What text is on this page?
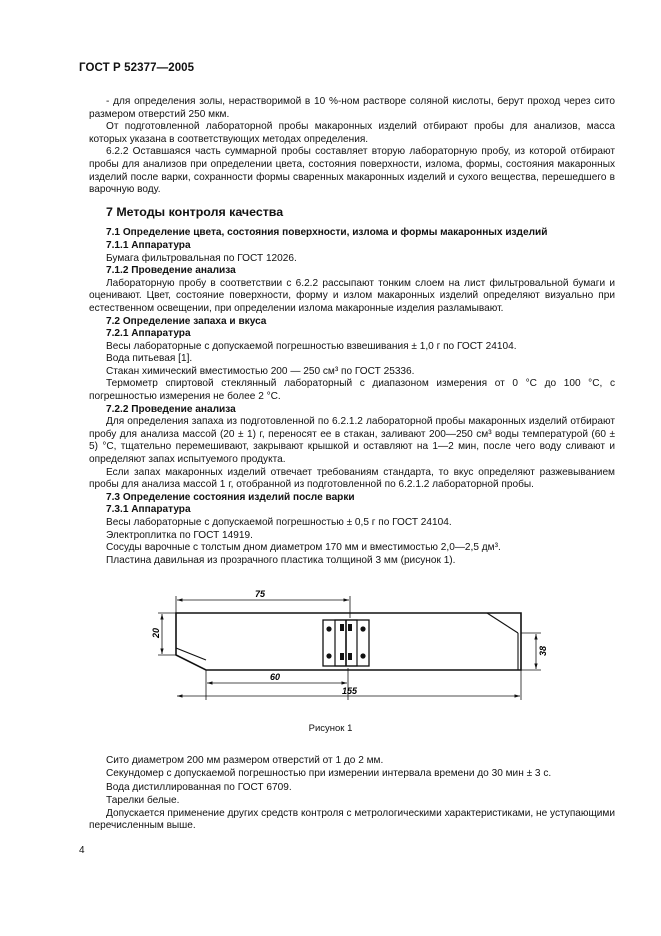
ГОСТ Р 52377—2005

- для определения золы, нерастворимой в 10 %-ном растворе соляной кислоты, берут проход через сито размером отверстий 250 мкм.

От подготовленной лабораторной пробы макаронных изделий отбирают пробы для анализов, масса которых указана в соответствующих методах определения.

6.2.2 Оставшаяся часть суммарной пробы составляет вторую лабораторную пробу, из которой отбирают пробы для анализов при определении цвета, состояния поверхности, излома, формы, состояния макаронных изделий после варки, сохранности формы сваренных макаронных изделий и сухого вещества, перешедшего в варочную воду.

7 Методы контроля качества

7.1 Определение цвета, состояния поверхности, излома и формы макаронных изделий

7.1.1 Аппаратура

Бумага фильтровальная по ГОСТ 12026.

7.1.2 Проведение анализа

Лабораторную пробу в соответствии с 6.2.2 рассыпают тонким слоем на лист фильтровальной бумаги и оценивают. Цвет, состояние поверхности, форму и излом макаронных изделий определяют визуально при естественном освещении, при определении излома макаронные изделия разламывают.

7.2 Определение запаха и вкуса

7.2.1 Аппаратура

Весы лабораторные с допускаемой погрешностью взвешивания ± 1,0 г по ГОСТ 24104.

Вода питьевая [1].

Стакан химический вместимостью 200 — 250 см³ по ГОСТ 25336.

Термометр спиртовой стеклянный лабораторный с диапазоном измерения от 0 °С до 100 °С, с погрешностью измерения не более 2 °С.

7.2.2 Проведение анализа

Для определения запаха из подготовленной по 6.2.1.2 лабораторной пробы макаронных изделий отбирают пробу для анализа массой (20 ± 1) г, переносят ее в стакан, заливают 200—250 см³ воды температурой (60 ± 5) °С, тщательно перемешивают, закрывают крышкой и оставляют на 1—2 мин, после чего воду сливают и определяют запах испытуемого продукта.

Если запах макаронных изделий отвечает требованиям стандарта, то вкус определяют разжевыванием пробы для анализа массой 1 г, отобранной из подготовленной по 6.2.1.2 лабораторной пробы.

7.3 Определение состояния изделий после варки

7.3.1 Аппаратура

Весы лабораторные с допускаемой погрешностью ± 0,5 г по ГОСТ 24104.

Электроплитка по ГОСТ 14919.

Сосуды варочные с толстым дном диаметром 170 мм и вместимостью 2,0—2,5 дм³.

Пластина давильная из прозрачного пластика толщиной 3 мм (рисунок 1).

75
60
155
20
38
Рисунок 1

Сито диаметром 200 мм размером отверстий от 1 до 2 мм.

Секундомер с допускаемой погрешностью при измерении интервала времени до 30 мин ± 3 с.

Вода дистиллированная по ГОСТ 6709.

Тарелки белые.

Допускается применение других средств контроля с метрологическими характеристиками, не уступающими перечисленным выше.

4
